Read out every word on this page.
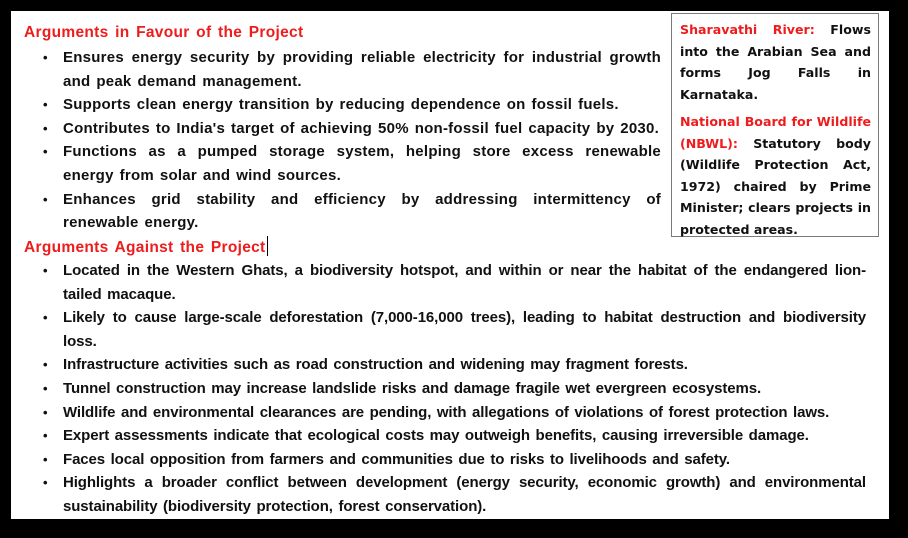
Arguments in Favour of the Project
• Ensures energy security by providing reliable electricity for industrial growth and peak demand management.
• Supports clean energy transition by reducing dependence on fossil fuels.
• Contributes to India's target of achieving 50% non-fossil fuel capacity by 2030.
• Functions as a pumped storage system, helping store excess renewable energy from solar and wind sources.
• Enhances grid stability and efficiency by addressing intermittency of renewable energy.
Arguments Against the Project
• Located in the Western Ghats, a biodiversity hotspot, and within or near the habitat of the endangered lion-tailed macaque.
• Likely to cause large-scale deforestation (7,000-16,000 trees), leading to habitat destruction and biodiversity loss.
• Infrastructure activities such as road construction and widening may fragment forests.
• Tunnel construction may increase landslide risks and damage fragile wet evergreen ecosystems.
• Wildlife and environmental clearances are pending, with allegations of violations of forest protection laws.
• Expert assessments indicate that ecological costs may outweigh benefits, causing irreversible damage.
• Faces local opposition from farmers and communities due to risks to livelihoods and safety.
• Highlights a broader conflict between development (energy security, economic growth) and environmental sustainability (biodiversity protection, forest conservation).

Sharavathi River: Flows into the Arabian Sea and forms Jog Falls in Karnataka.

National Board for Wildlife (NBWL): Statutory body (Wildlife Protection Act, 1972) chaired by Prime Minister; clears projects in protected areas.
